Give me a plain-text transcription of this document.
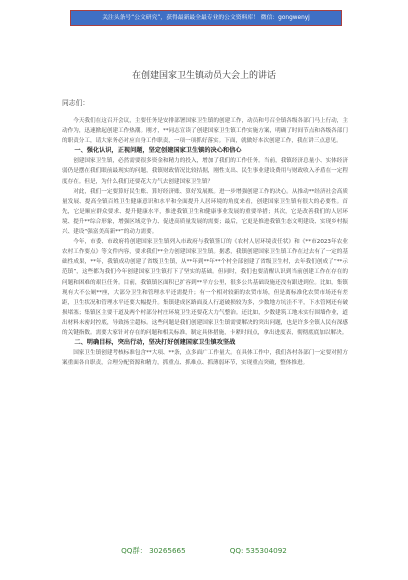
关注头条号“公文研究”，获得最新最全最专业的公文资料库！ 微信：gongwenyj
在创建国家卫生镇动员大会上的讲话
同志们：

今天我们在这召开会议，主要任务是安排部署国家卫生镇的创建工作，动员和号召全镇各级各部门马上行动，主动作为，迅速掀起创建工作热潮。刚才，**同志宣读了创建国家卫生镇工作实施方案，明确了时间节点和各级各部门的职责分工，请大家务必对应自身工作职责，一项一项抓好落实。下面，就做好本次创建工作，我在讲三点意见。

一、强化认识，正视问题，坚定创建国家卫生镇的决心和信心

创建国家卫生镇，必然需要很多资金和精力的投入，增加了我们的工作任务。当前，我镇经济总量小、实体经济弱仍是摆在我们眼前最现实的问题，我镇财政情况比较拮据，刚性支出、民生事业建设费用与财政收入矛盾在一定程度存在。但是，为什么我们还要花大力气去创建国家卫生镇？

对此，我们一定要算好民生账、算好经济账、算好发展账。进一步增强创建工作的决心。从推动**经济社会高质量发展、提高全镇百姓卫生健康意识和水平和全面提升人居环境的角度来看，创建国家卫生镇有很大的必要性。首先，它是顺应群众要求、提升健康水平，推进我镇卫生和健康事业发展的重要举措；其次，它是改善我们的人居环境、提升**综合形象，增强区域竞争力、促进高质量发展的需要；最后，它更是推进我镇生态文明建设、实现乡村振兴、建设“强富美高新**”的动力需要。

今年，市委、市政府将创建国家卫生镇列入市政府与我镇签订的《农村人居环境责任状》和《**市2023年农业农村工作要点》等文件内容，要求我们**全力创建国家卫生镇。据悉，我镇创建国家卫生镇工作在过去有了一定的基础性成果，**年，我镇成功创建了省级卫生镇，从**年到**年**个村全部创建了省级卫生村，去年我们创成了“**示范镇”，这些都为我们今年创建国家卫生镇打下了坚实的基础。但同时，我们也要清醒认识到当前创建工作在存在的问题和困难的艰巨任务。目前，我镇镇区面积已扩容到**平方公里，很多公共基础设施还没有跟进到位。比如，集镇现有大不公厕**座，大部分卫生和管理水平还需提升；有一个相对较新的农贸市场，但是离标准化农贸市场还有差距，卫生状况和管理水平还要大幅提升。集镇建成区路面及人行道破损较为多，少数地方坑洼不平，下水管网还有破损堵塞；集镇区主要干道及两个村部分村庄环境卫生还要花大力气整治。还比如，少数建筑工地未实行围墙作业，道出材料未密封控底，导致扬尘超标。这些问题是我们创建国家卫生镇需要解决的突出问题，也是许多全镇人民有深感的关键指数。需要大家针对存在的问题和相关标准，制定具体措施，卡紧时间点，拿出进度表，彻彻底底加以解决。

二、明确目标，突出行动，坚决打好创建国家卫生镇攻坚战

国家卫生镇创建考核标准包含**大项、**条，点多面广工作量大。在具体工作中，我们各村各部门一定要对照方案重面各自职责，合理分配资源和精力，抓重点、抓难点、抓薄弱环节，实现重点突破，整体推进。

QQ群： 30265665	QQ: 535304092
